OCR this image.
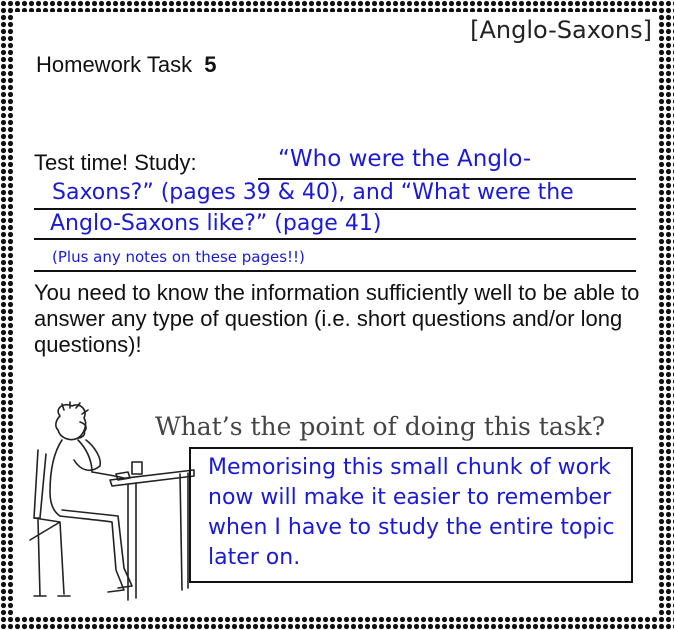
[Anglo-Saxons]
Homework Task 5
Test time! Study:	“Who were the Anglo-
Saxons?” (pages 39 & 40), and “What were the
Anglo-Saxons like?” (page 41)
(Plus any notes on these pages!!)
You need to know the information sufficiently well to be able to answer any type of question (i.e. short questions and/or long questions)!
What’s the point of doing this task?
Memorising this small chunk of work now will make it easier to remember when I have to study the entire topic later on.
